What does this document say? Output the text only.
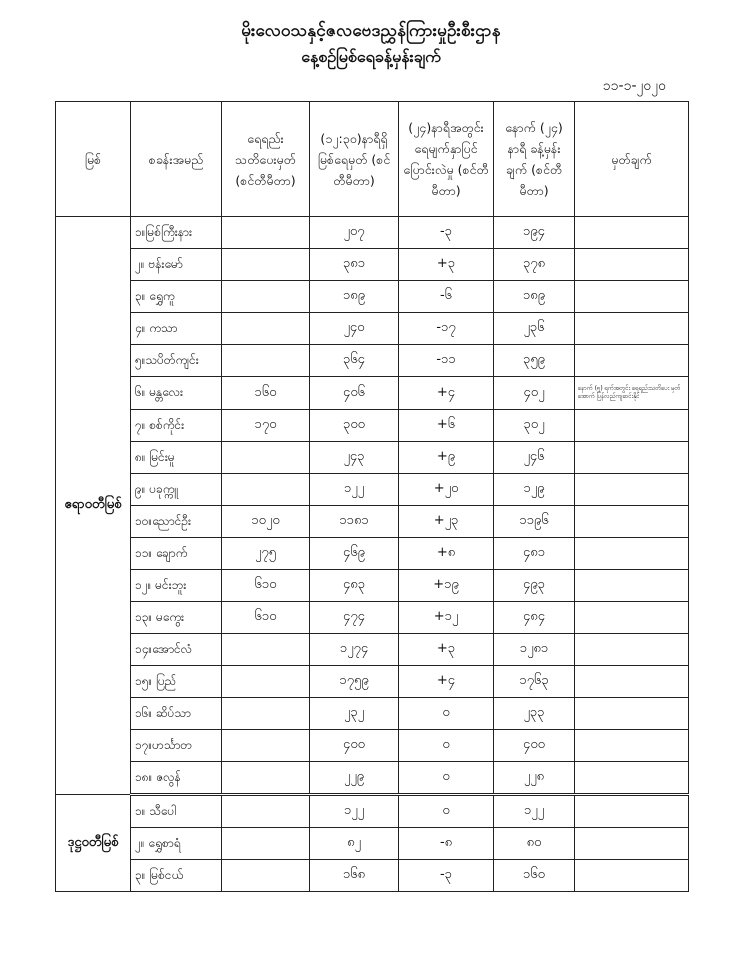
မိုးလေဝသနှင့်ဇလဗေဒညွှန်ကြားမှုဦးစီးဌာန
နေ့စဉ်မြစ်ရေခန့်မှန်းချက်
၁၁-၁-၂၀၂၀
မြစ်	စခန်းအမည်	ရေရည်း သတိပေးမှတ် (စင်တီမီတာ)	(၁၂:၃၀)နာရီရှိ မြစ်ရေမှတ် (စင်တီမီတာ)	(၂၄)နာရီအတွင်း ရေမျက်နှာပြင် ပြောင်းလဲမှု (စင်တီမီတာ)	နောက် (၂၄) နာရီ ခန့်မှန်းချက် (စင်တီမီတာ)	မှတ်ချက်
ဧရာဝတီမြစ်	၁။မြစ်ကြီးနား		၂၀၇	-၃	၁၉၄	
	၂။ ဗန်းမော်		၃၈၁	+၃	၃၇၈	
	၃။ ရွှေကူ		၁၈၉	-၆	၁၈၉	
	၄။ ကသာ		၂၄၀	-၁၇	၂၃၆	
	၅။သပိတ်ကျင်း		၃၆၄	-၁၁	၃၅၉	
	၆။ မန္တလေး	၁၆၀	၄၀၆	+၄	၄၀၂	နောက် (၅) ရက်အတွင်း ရေရည်းသတိပေး မှတ်အောက် ပြန်လည်ကျဆင်းနိုင်
	၇။ စစ်ကိုင်း	၁၇၀	၃၀၀	+၆	၃၀၂	
	၈။ မြင်းမူ		၂၄၃	+၉	၂၄၆	
	၉။ ပခုက္ကူ		၁၂၂	+၂၀	၁၂၉	
	၁၀။ညောင်ဦး	၁၀၂၀	၁၁၈၁	+၂၃	၁၁၉၆	
	၁၁။ ချောက်	၂၇၅	၄၆၉	+၈	၄၈၁	
	၁၂။ မင်းဘူး	၆၁၀	၄၈၃	+၁၉	၄၉၃	
	၁၃။ မကွေး	၆၁၀	၄၇၄	+၁၂	၄၈၄	
	၁၄။အောင်လံ		၁၂၇၄	+၃	၁၂၈၁	
	၁၅။ ပြည်		၁၇၅၉	+၄	၁၇၆၃	
	၁၆။ ဆိပ်သာ		၂၃၂	၀	၂၃၃	
	၁၇။ဟင်္သာတ		၄၀၀	၀	၄၀၀	
	၁၈။ ဇလွန်		၂၂၉	၀	၂၂၈	
ဒုဋ္ဌဝတီမြစ်	၁။ သီပေါ		၁၂၂	၀	၁၂၂	
	၂။ ရွှေစာရံ		၈၂	-၈	၈၀	
	၃။ မြစ်ငယ်		၁၆၈	-၃	၁၆၀	
